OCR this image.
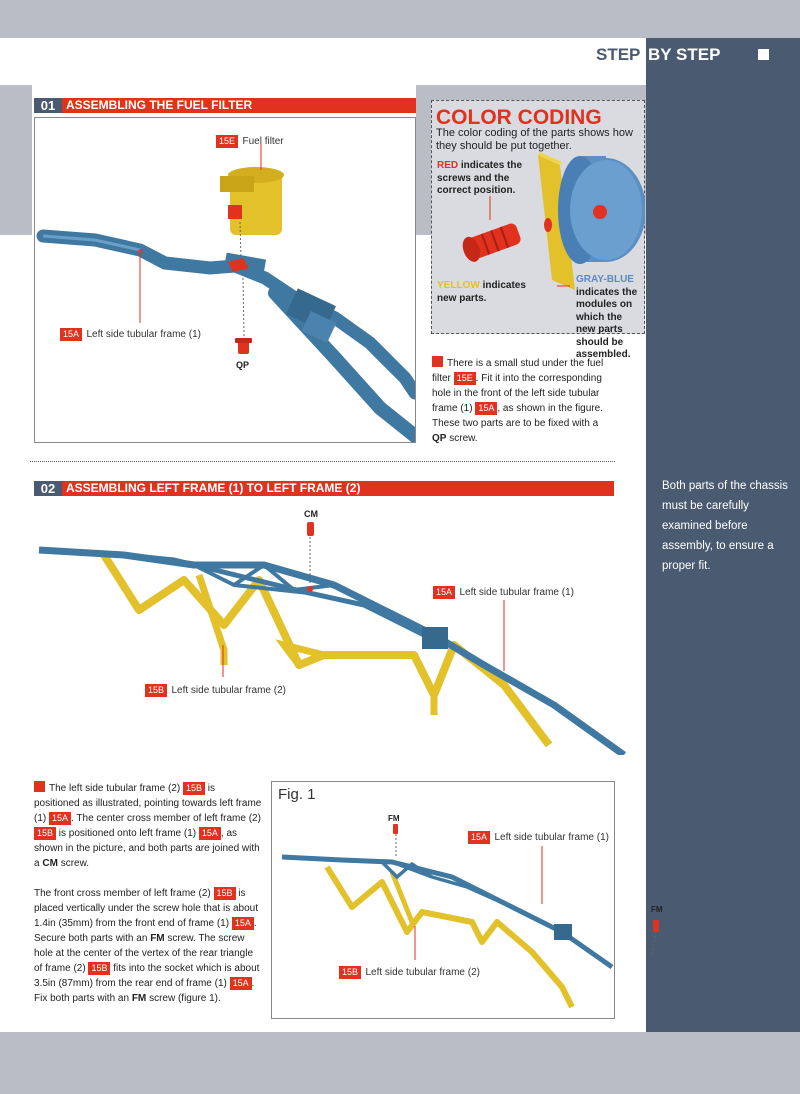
STEP BY STEP
01 ASSEMBLING THE FUEL FILTER
15E Fuel filter
15A Left side tubular frame (1)
QP
COLOR CODING
The color coding of the parts shows how they should be put together.
RED indicates the screws and the correct position.
YELLOW indicates new parts.
GRAY-BLUE indicates the modules on which the new parts should be assembled.
There is a small stud under the fuel filter 15E . Fit it into the corresponding hole in the front of the left side tubular frame (1) 15A , as shown in the figure. These two parts are to be fixed with a QP screw.
02 ASSEMBLING LEFT FRAME (1) TO LEFT FRAME (2)
CM
15A Left side tubular frame (1)
15B Left side tubular frame (2)
The left side tubular frame (2) 15B is positioned as illustrated, pointing towards left frame (1) 15A . The center cross member of left frame (2) 15B is positioned onto left frame (1) 15A , as shown in the picture, and both parts are joined with a CM screw.
The front cross member of left frame (2) 15B is placed vertically under the screw hole that is about 1.4in (35mm) from the front end of frame (1) 15A . Secure both parts with an FM screw. The screw hole at the center of the vertex of the rear triangle of frame (2) 15B fits into the socket which is about 3.5in (87mm) from the rear end of frame (1) 15A . Fix both parts with an FM screw (figure 1).
Fig. 1
FM
FM
15A Left side tubular frame (1)
15B Left side tubular frame (2)
Both parts of the chassis must be carefully examined before assembly, to ensure a proper fit.
